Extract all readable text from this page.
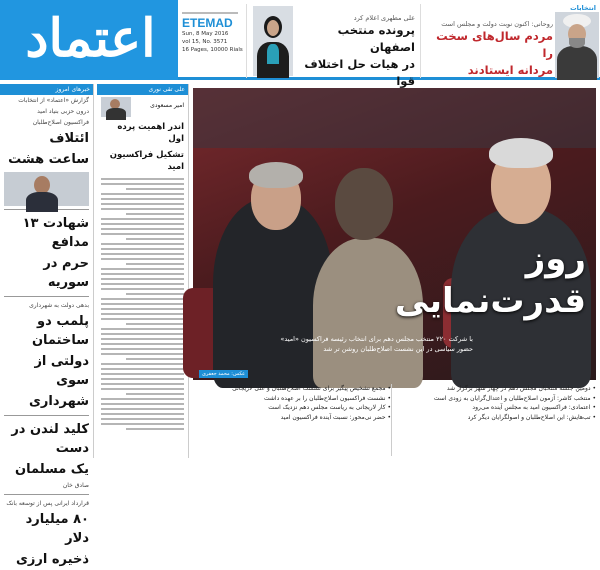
اعتماد	ETEMAD
Sun, 8 May 2016
vol 15, No. 3571
16 Pages, 10000 Rials
علی مطهری اعلام کرد
پرونده منتخب اصفهان
در هیات حل اختلاف قوا
انتخابات
روحانی: اکنون نوبت دولت و مجلس است
مردم سال‌های سخت را
مردانه ایستادند
خبرهای امروز
گزارش «اعتماد» از انتخابات
درون حزبی بنیاد امید
فراکسیون اصلاح‌طلبان
ائتلاف
ساعت هشت
شهادت ۱۳ مدافع
حرم در سوریه
بدهی دولت به شهرداری
پلمب دو ساختمان
دولتی از سوی
شهرداری
کلید لندن در دست
یک مسلمان
صادق خان
قرارداد ایرانی پس از توسعه بانک
۸۰ میلیارد دلار
ذخیره ارزی
علی تقی نوری
امیر مسعودی
اندر اهمیت پرده اول
تشکیل فراکسیون امید
روز
قدرت‌نمایی
با شرکت ۲۲۰ منتخب مجلس دهم برای انتخاب رئیسه فراکسیون «امید» حضور سیاسی در این نشست اصلاح‌طلبان روشن تر شد
عکس: محمد جعفری
• دومین جلسه منتخبان مجلس دهم در چهار شهر برگزار شد
• منتخب کاشر: آزمون اصلاح‌طلبان و اعتدال‌گرایان به زودی است
• اعتمادی: فراکسیون امید به مجلس آینده می‌رود
• تب‌هایش: این اصلاح‌طلبان و اصولگرایان دیگر کرد
• مجمع تشخیص پیگیر برای نشست اصلاح‌طلبان و علی لاریجانی
• نشست فراکسیون اصلاح‌طلبان را بر عهده داشت
• کار لاریجانی به ریاست مجلس دهم نزدیک است
• حضر نی‌محور: نسبت آینده فراکسیون امید
